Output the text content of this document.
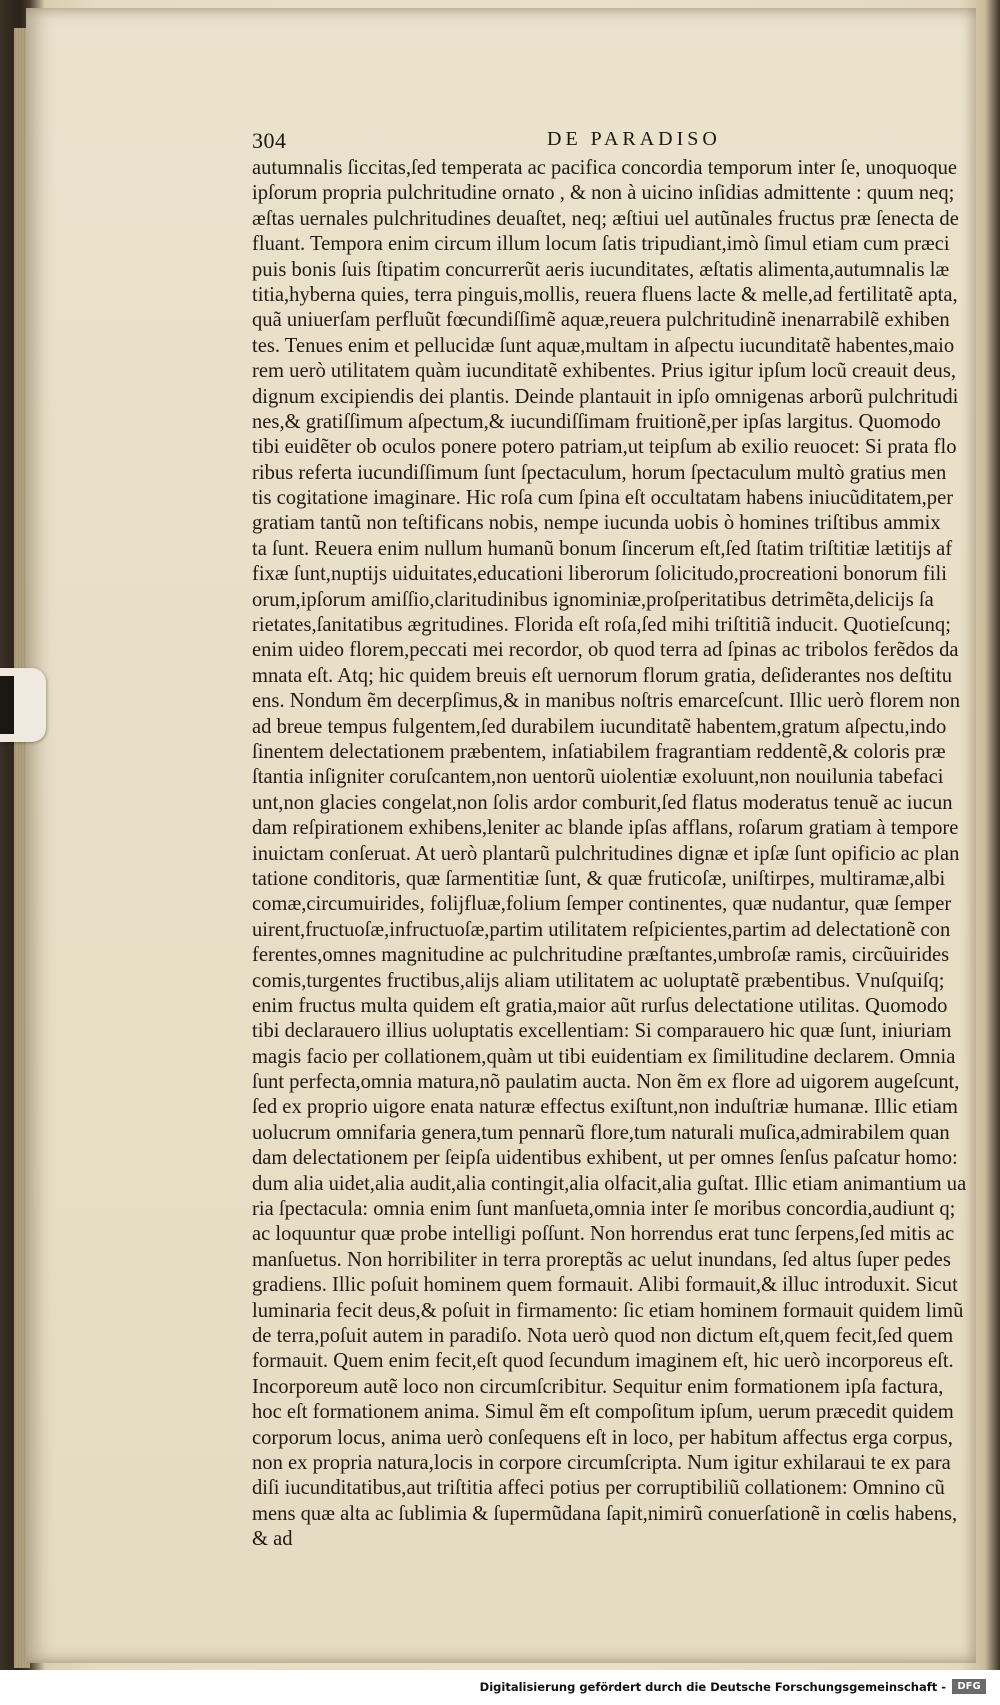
304	DE PARADISO
autumnalis ſiccitas,ſed temperata ac pacifica concordia temporum inter ſe, unoquoque
ipſorum propria pulchritudine ornato , & non à uicino inſidias admittente : quum neq;
æſtas uernales pulchritudines deuaſtet, neq; æſtiui uel autũnales fructus præ ſenecta de
fluant. Tempora enim circum illum locum ſatis tripudiant,imò ſimul etiam cum præci
puis bonis ſuis ſtipatim concurrerũt aeris iucunditates, æſtatis alimenta,autumnalis læ
titia,hyberna quies, terra pinguis,mollis, reuera fluens lacte & melle,ad fertilitatẽ apta,
quã uniuerſam perfluũt fœcundiſſimẽ aquæ,reuera pulchritudinẽ inenarrabilẽ exhiben
tes. Tenues enim et pellucidæ ſunt aquæ,multam in aſpectu iucunditatẽ habentes,maio
rem uerò utilitatem quàm iucunditatẽ exhibentes. Prius igitur ipſum locũ creauit deus,
dignum excipiendis dei plantis. Deinde plantauit in ipſo omnigenas arborũ pulchritudi
nes,& gratiſſimum aſpectum,& iucundiſſimam fruitionẽ,per ipſas largitus. Quomodo
tibi euidẽter ob oculos ponere potero patriam,ut teipſum ab exilio reuocet: Si prata flo
ribus referta iucundiſſimum ſunt ſpectaculum, horum ſpectaculum multò gratius men
tis cogitatione imaginare. Hic roſa cum ſpina eſt occultatam habens iniucũditatem,per
gratiam tantũ non teſtificans nobis, nempe iucunda uobis ò homines triſtibus ammix
ta ſunt. Reuera enim nullum humanũ bonum ſincerum eſt,ſed ſtatim triſtitiæ lætitijs af
fixæ ſunt,nuptijs uiduitates,educationi liberorum ſolicitudo,procreationi bonorum fili
orum,ipſorum amiſſio,claritudinibus ignominiæ,proſperitatibus detrimẽta,delicijs ſa
rietates,ſanitatibus ægritudines. Florida eſt roſa,ſed mihi triſtitiã inducit. Quotieſcunq;
enim uideo florem,peccati mei recordor, ob quod terra ad ſpinas ac tribolos ferẽdos da
mnata eſt. Atq; hic quidem breuis eſt uernorum florum gratia, deſiderantes nos deſtitu
ens. Nondum ẽm decerpſimus,& in manibus noſtris emarceſcunt. Illic uerò florem non
ad breue tempus fulgentem,ſed durabilem iucunditatẽ habentem,gratum aſpectu,indo
ſinentem delectationem præbentem, inſatiabilem fragrantiam reddentẽ,& coloris præ
ſtantia inſigniter coruſcantem,non uentorũ uiolentiæ exoluunt,non nouilunia tabefaci
unt,non glacies congelat,non ſolis ardor comburit,ſed flatus moderatus tenuẽ ac iucun
dam reſpirationem exhibens,leniter ac blande ipſas afflans, roſarum gratiam à tempore
inuictam conſeruat. At uerò plantarũ pulchritudines dignæ et ipſæ ſunt opificio ac plan
tatione conditoris, quæ ſarmentitiæ ſunt, & quæ fruticoſæ, uniſtirpes, multiramæ,albi
comæ,circumuirides, folijfluæ,folium ſemper continentes, quæ nudantur, quæ ſemper
uirent,fructuoſæ,infructuoſæ,partim utilitatem reſpicientes,partim ad delectationẽ con
ferentes,omnes magnitudine ac pulchritudine præſtantes,umbroſæ ramis, circũuirides
comis,turgentes fructibus,alijs aliam utilitatem ac uoluptatẽ præbentibus. Vnuſquiſq;
enim fructus multa quidem eſt gratia,maior aũt rurſus delectatione utilitas. Quomodo
tibi declarauero illius uoluptatis excellentiam: Si comparauero hic quæ ſunt, iniuriam
magis facio per collationem,quàm ut tibi euidentiam ex ſimilitudine declarem. Omnia
ſunt perfecta,omnia matura,nõ paulatim aucta. Non ẽm ex flore ad uigorem augeſcunt,
ſed ex proprio uigore enata naturæ effectus exiſtunt,non induſtriæ humanæ. Illic etiam
uolucrum omnifaria genera,tum pennarũ flore,tum naturali muſica,admirabilem quan
dam delectationem per ſeipſa uidentibus exhibent, ut per omnes ſenſus paſcatur homo:
dum alia uidet,alia audit,alia contingit,alia olfacit,alia guſtat. Illic etiam animantium ua
ria ſpectacula: omnia enim ſunt manſueta,omnia inter ſe moribus concordia,audiunt q;
ac loquuntur quæ probe intelligi poſſunt. Non horrendus erat tunc ſerpens,ſed mitis ac
manſuetus. Non horribiliter in terra proreptãs ac uelut inundans, ſed altus ſuper pedes
gradiens. Illic poſuit hominem quem formauit. Alibi formauit,& illuc introduxit. Sicut
luminaria fecit deus,& poſuit in firmamento: ſic etiam hominem formauit quidem limũ
de terra,poſuit autem in paradiſo. Nota uerò quod non dictum eſt,quem fecit,ſed quem
formauit. Quem enim fecit,eſt quod ſecundum imaginem eſt, hic uerò incorporeus eſt.
Incorporeum autẽ loco non circumſcribitur. Sequitur enim formationem ipſa factura,
hoc eſt formationem anima. Simul ẽm eſt compoſitum ipſum, uerum præcedit quidem
corporum locus, anima uerò conſequens eſt in loco, per habitum affectus erga corpus,
non ex propria natura,locis in corpore circumſcripta. Num igitur exhilaraui te ex para
diſi iucunditatibus,aut triſtitia affeci potius per corruptibiliũ collationem: Omnino cũ
mens quæ alta ac ſublimia & ſupermũdana ſapit,nimirũ conuerſationẽ in cœlis habens,
& ad
Digitalisierung gefördert durch die Deutsche Forschungsgemeinschaft -	DFG
